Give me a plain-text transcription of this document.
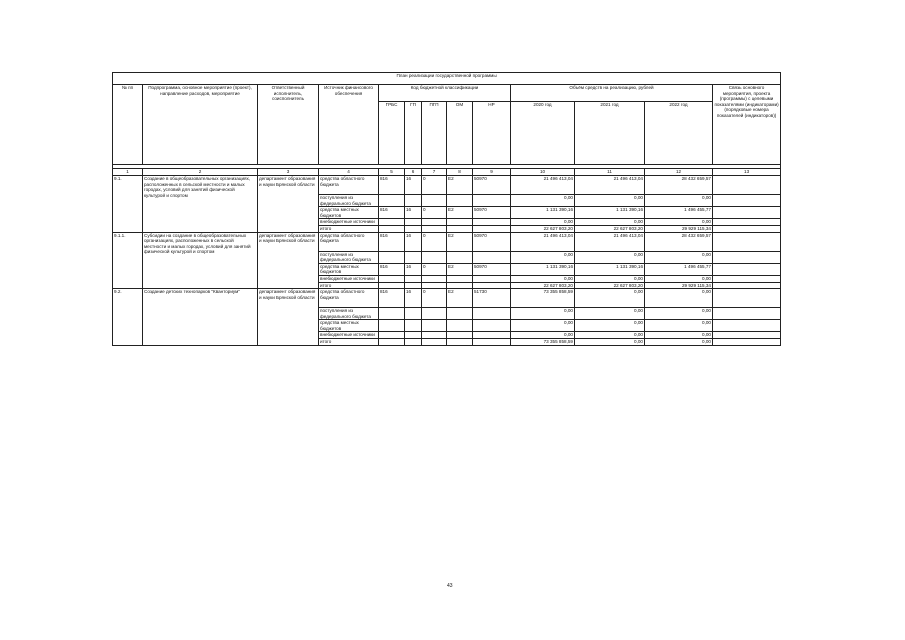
План реализации государственной программы												
№ пп	Подпрограмма, основное мероприятие (проект), направление расходов, мероприятие	Ответственный исполнитель, соисполнитель	Источник финансового обеспечения	Код бюджетной классификации					Объём средств на реализацию, рублей			Связь основного мероприятия, проекта (программы) с целевыми показателями (индикаторами) (порядковые номера показателей (индикаторов))
				ГРБС	ГП	ПГП	ОМ	НР	2020 год	2021 год	2022 год	

1	2	3	4	5	6	7	8	9	10	11	12	13
9.1.	Создание в общеобразовательных организациях, расположенных в сельской местности и малых городах, условий для занятий физической культурой и спортом	департамент образования и науки Брянской области	средства областного бюджета	816	16	0	Е2	50970	21 496 413,04	21 496 413,04	28 432 659,57	
			поступления из федерального бюджета						0,00	0,00	0,00	
			средства местных бюджетов	816	16	0	Е2	50970	1 131 390,16	1 131 390,16	1 496 455,77	
			внебюджетные источники						0,00	0,00	0,00	
			итого						22 627 803,20	22 627 803,20	29 929 115,34	
9.1.1.	Субсидии на создание в общеобразовательных организациях, расположенных в сельской местности и малых городах, условий для занятий физической культурой и спортом	департамент образования и науки Брянской области	средства областного бюджета	816	16	0	Е2	50970	21 496 413,04	21 496 413,04	28 432 659,57	
			поступления из федерального бюджета						0,00	0,00	0,00	
			средства местных бюджетов	816	16	0	Е2	50970	1 131 390,16	1 131 390,16	1 496 455,77	
			внебюджетные источники						0,00	0,00	0,00	
			итого						22 627 803,20	22 627 803,20	29 929 115,34	
9.2.	Создание детских технопарков "Кванториум"	департамент образования и науки Брянской области	средства областного бюджета	816	16	0	Е2	51730	73 355 858,59	0,00	0,00	
			поступления из федерального бюджета						0,00	0,00	0,00	
			средства местных бюджетов						0,00	0,00	0,00	
			внебюджетные источники						0,00	0,00	0,00	
			итого						73 355 858,59	0,00	0,00	
43
